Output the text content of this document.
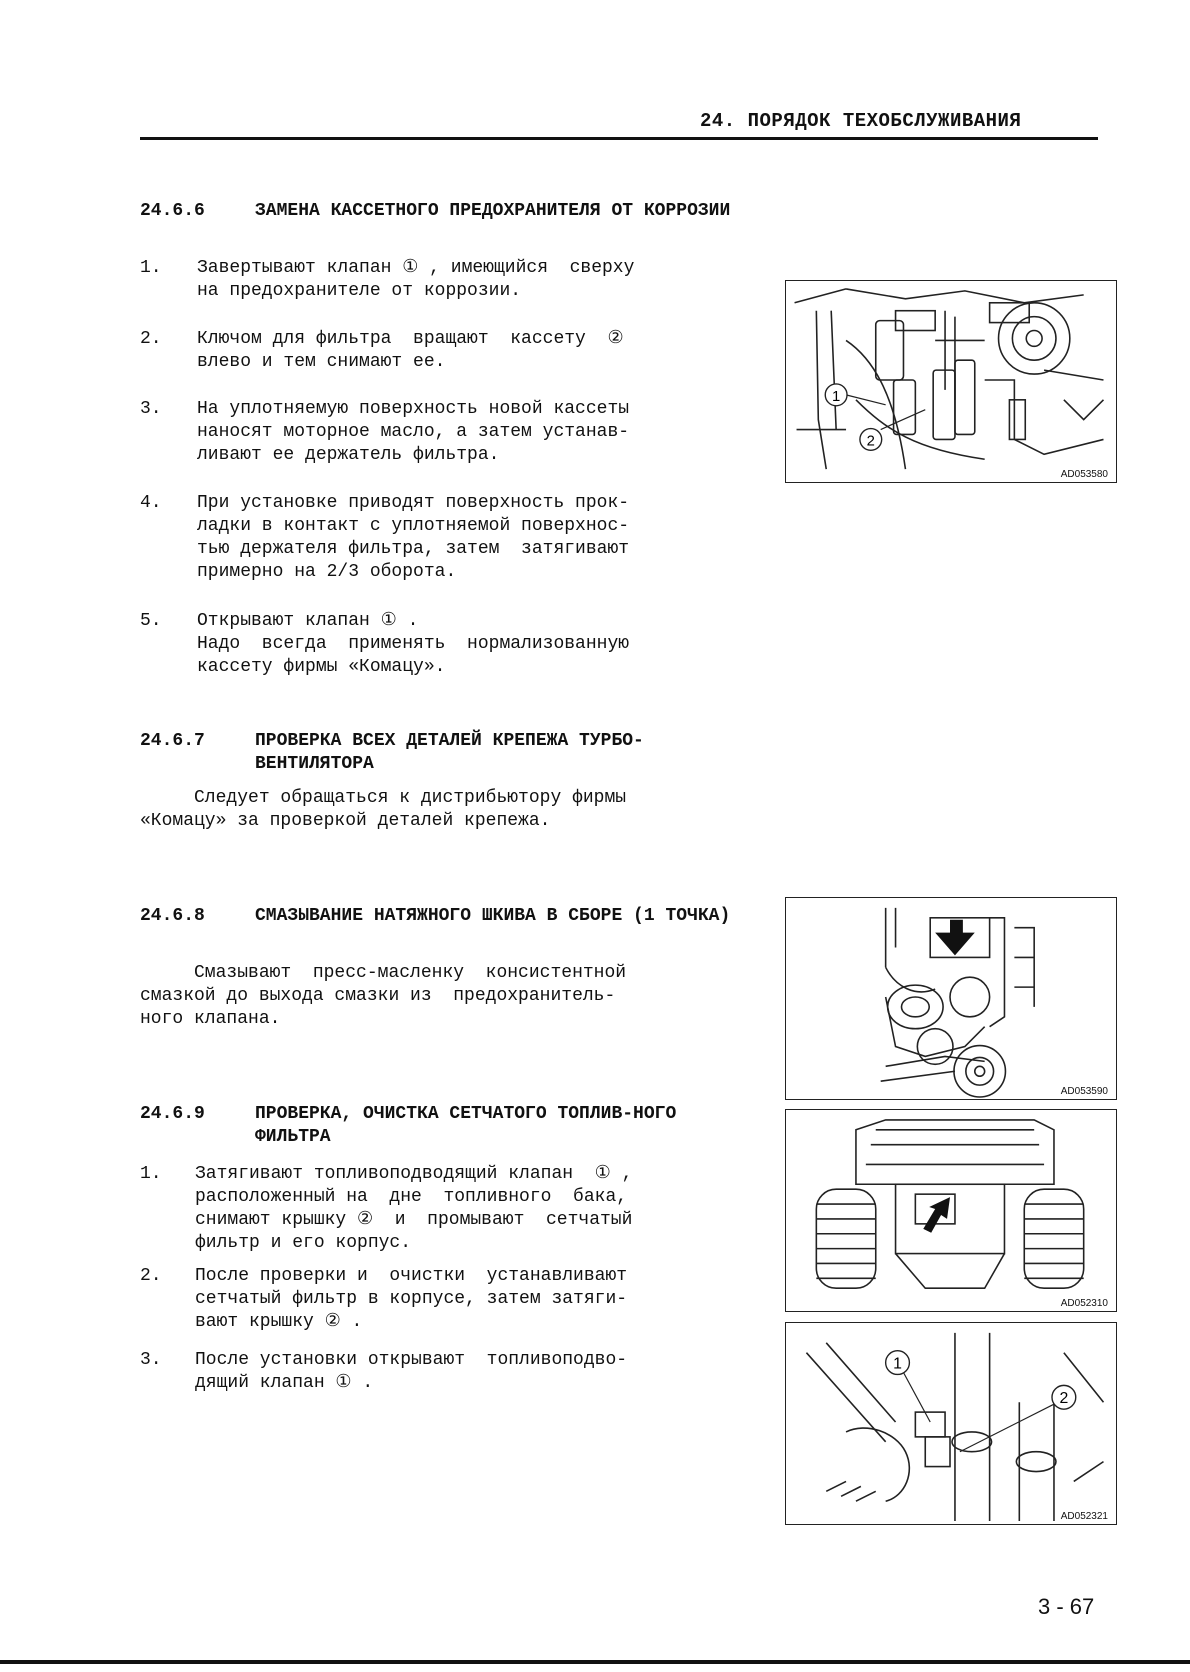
24. ПОРЯДОК ТЕХОБСЛУЖИВАНИЯ
24.6.6	ЗАМЕНА КАССЕТНОГО ПРЕДОХРАНИТЕЛЯ ОТ КОРРОЗИИ
1. Завертывают клапан ① , имеющийся  сверху
на предохранителе от коррозии.
2. Ключом для фильтра  вращают  кассету  ②
влево и тем снимают ее.
3. На уплотняемую поверхность новой кассеты
наносят моторное масло, а затем устанав-
ливают ее держатель фильтра.
4. При установке приводят поверхность прок-
ладки в контакт с уплотняемой поверхнос-
тью держателя фильтра, затем  затягивают
примерно на 2/3 оборота.
5. Открывают клапан ① .
Надо  всегда  применять  нормализованную
кассету фирмы «Комацу».
24.6.7	ПРОВЕРКА ВСЕХ ДЕТАЛЕЙ КРЕПЕЖА ТУРБО-ВЕНТИЛЯТОРА
Следует обращаться к дистрибьютору фирмы
«Комацу» за проверкой деталей крепежа.
24.6.8	СМАЗЫВАНИЕ НАТЯЖНОГО ШКИВА В СБОРЕ (1 ТОЧКА)
Смазывают  пресс-масленку  консистентной
смазкой до выхода смазки из  предохранитель-
ного клапана.
24.6.9	ПРОВЕРКА, ОЧИСТКА СЕТЧАТОГО ТОПЛИВ-НОГО ФИЛЬТРА
1. Затягивают топливоподводящий клапан  ① ,
расположенный на  дне  топливного  бака,
снимают крышку ②  и  промывают  сетчатый
фильтр и его корпус.
2. После проверки и  очистки  устанавливают
сетчатый фильтр в корпусе, затем затяги-
вают крышку ② .
3. После установки открывают  топливоподво-
дящий клапан ① .
1
2
AD053580
AD053590
AD052310
1
2
AD052321
3 - 67
